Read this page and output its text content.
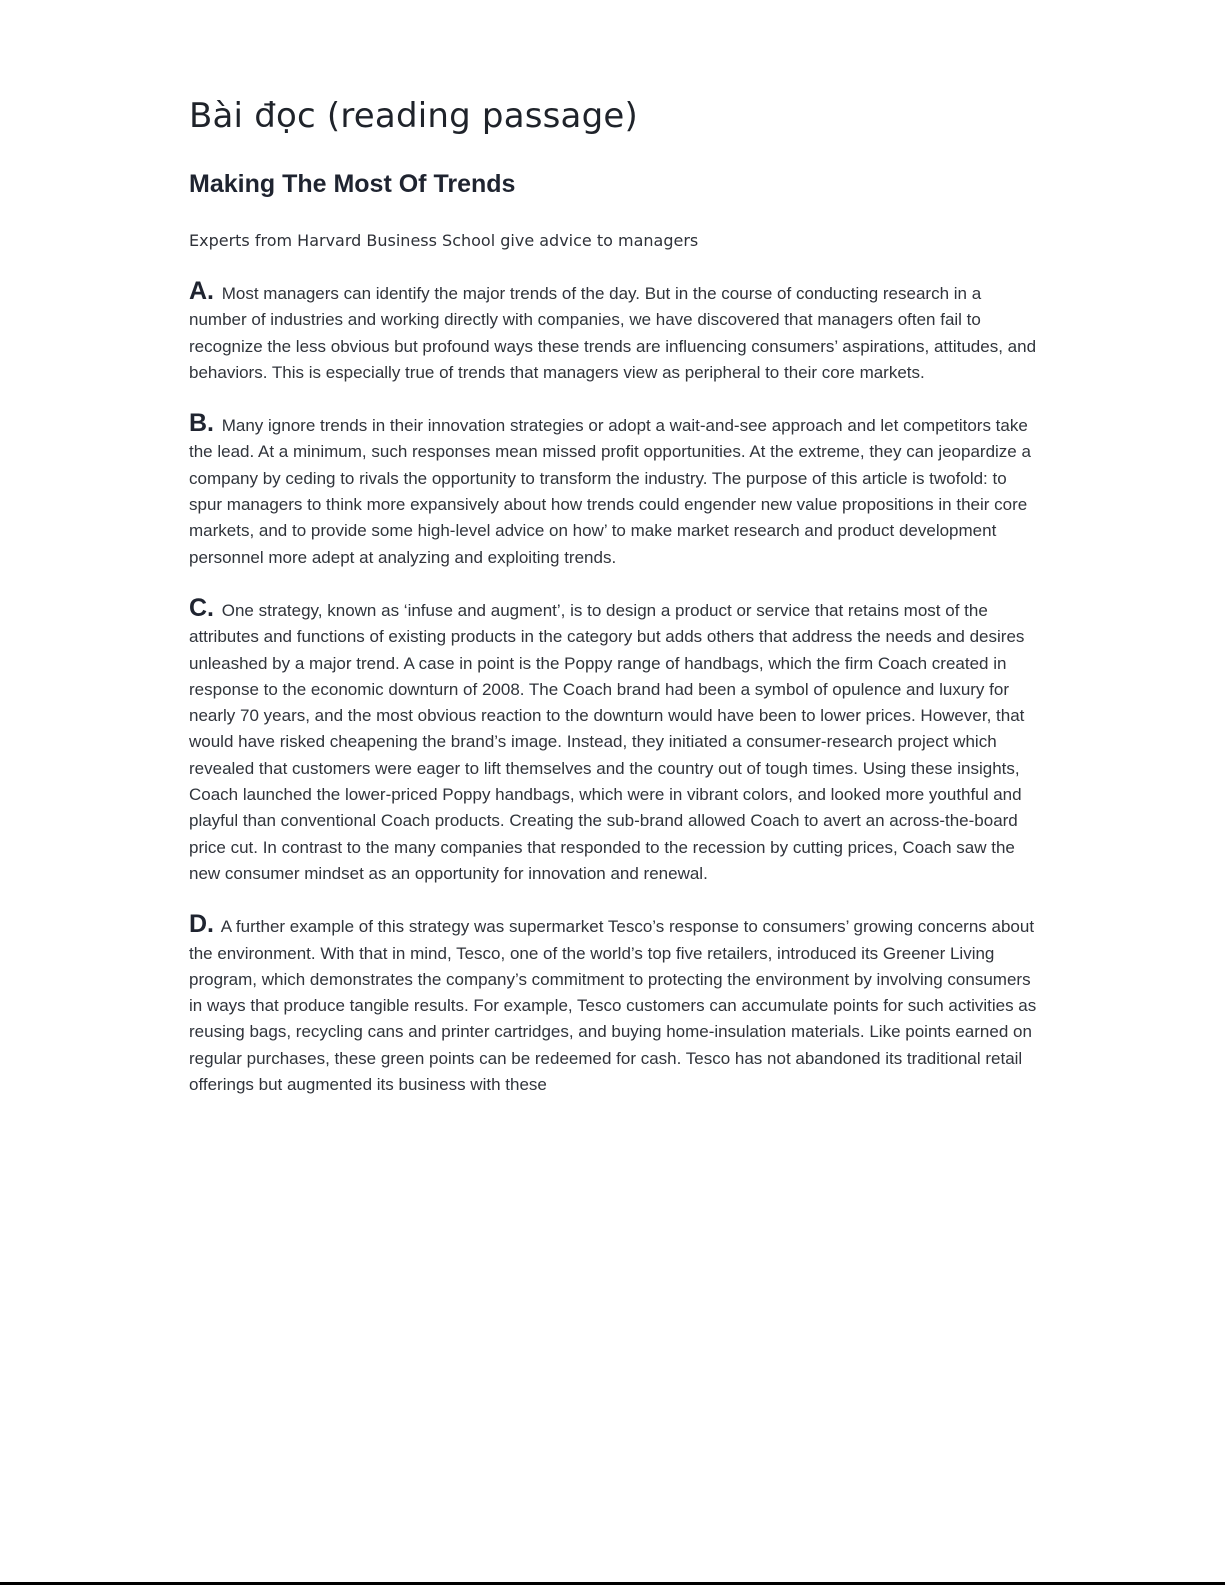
Bài đọc (reading passage)
Making The Most Of Trends

Experts from Harvard Business School give advice to managers

A. Most managers can identify the major trends of the day. But in the course of conducting research in a number of industries and working directly with companies, we have discovered that managers often fail to recognize the less obvious but profound ways these trends are influencing consumers’ aspirations, attitudes, and behaviors. This is especially true of trends that managers view as peripheral to their core markets.

B. Many ignore trends in their innovation strategies or adopt a wait-and-see approach and let competitors take the lead. At a minimum, such responses mean missed profit opportunities. At the extreme, they can jeopardize a company by ceding to rivals the opportunity to transform the industry. The purpose of this article is twofold: to spur managers to think more expansively about how trends could engender new value propositions in their core markets, and to provide some high-level advice on how’ to make market research and product development personnel more adept at analyzing and exploiting trends.

C. One strategy, known as ‘infuse and augment’, is to design a product or service that retains most of the attributes and functions of existing products in the category but adds others that address the needs and desires unleashed by a major trend. A case in point is the Poppy range of handbags, which the firm Coach created in response to the economic downturn of 2008. The Coach brand had been a symbol of opulence and luxury for nearly 70 years, and the most obvious reaction to the downturn would have been to lower prices. However, that would have risked cheapening the brand’s image. Instead, they initiated a consumer-research project which revealed that customers were eager to lift themselves and the country out of tough times. Using these insights, Coach launched the lower-priced Poppy handbags, which were in vibrant colors, and looked more youthful and playful than conventional Coach products. Creating the sub-brand allowed Coach to avert an across-the-board price cut. In contrast to the many companies that responded to the recession by cutting prices, Coach saw the new consumer mindset as an opportunity for innovation and renewal.

D. A further example of this strategy was supermarket Tesco’s response to consumers’ growing concerns about the environment. With that in mind, Tesco, one of the world’s top five retailers, introduced its Greener Living program, which demonstrates the company’s commitment to protecting the environment by involving consumers in ways that produce tangible results. For example, Tesco customers can accumulate points for such activities as reusing bags, recycling cans and printer cartridges, and buying home-insulation materials. Like points earned on regular purchases, these green points can be redeemed for cash. Tesco has not abandoned its traditional retail offerings but augmented its business with these
